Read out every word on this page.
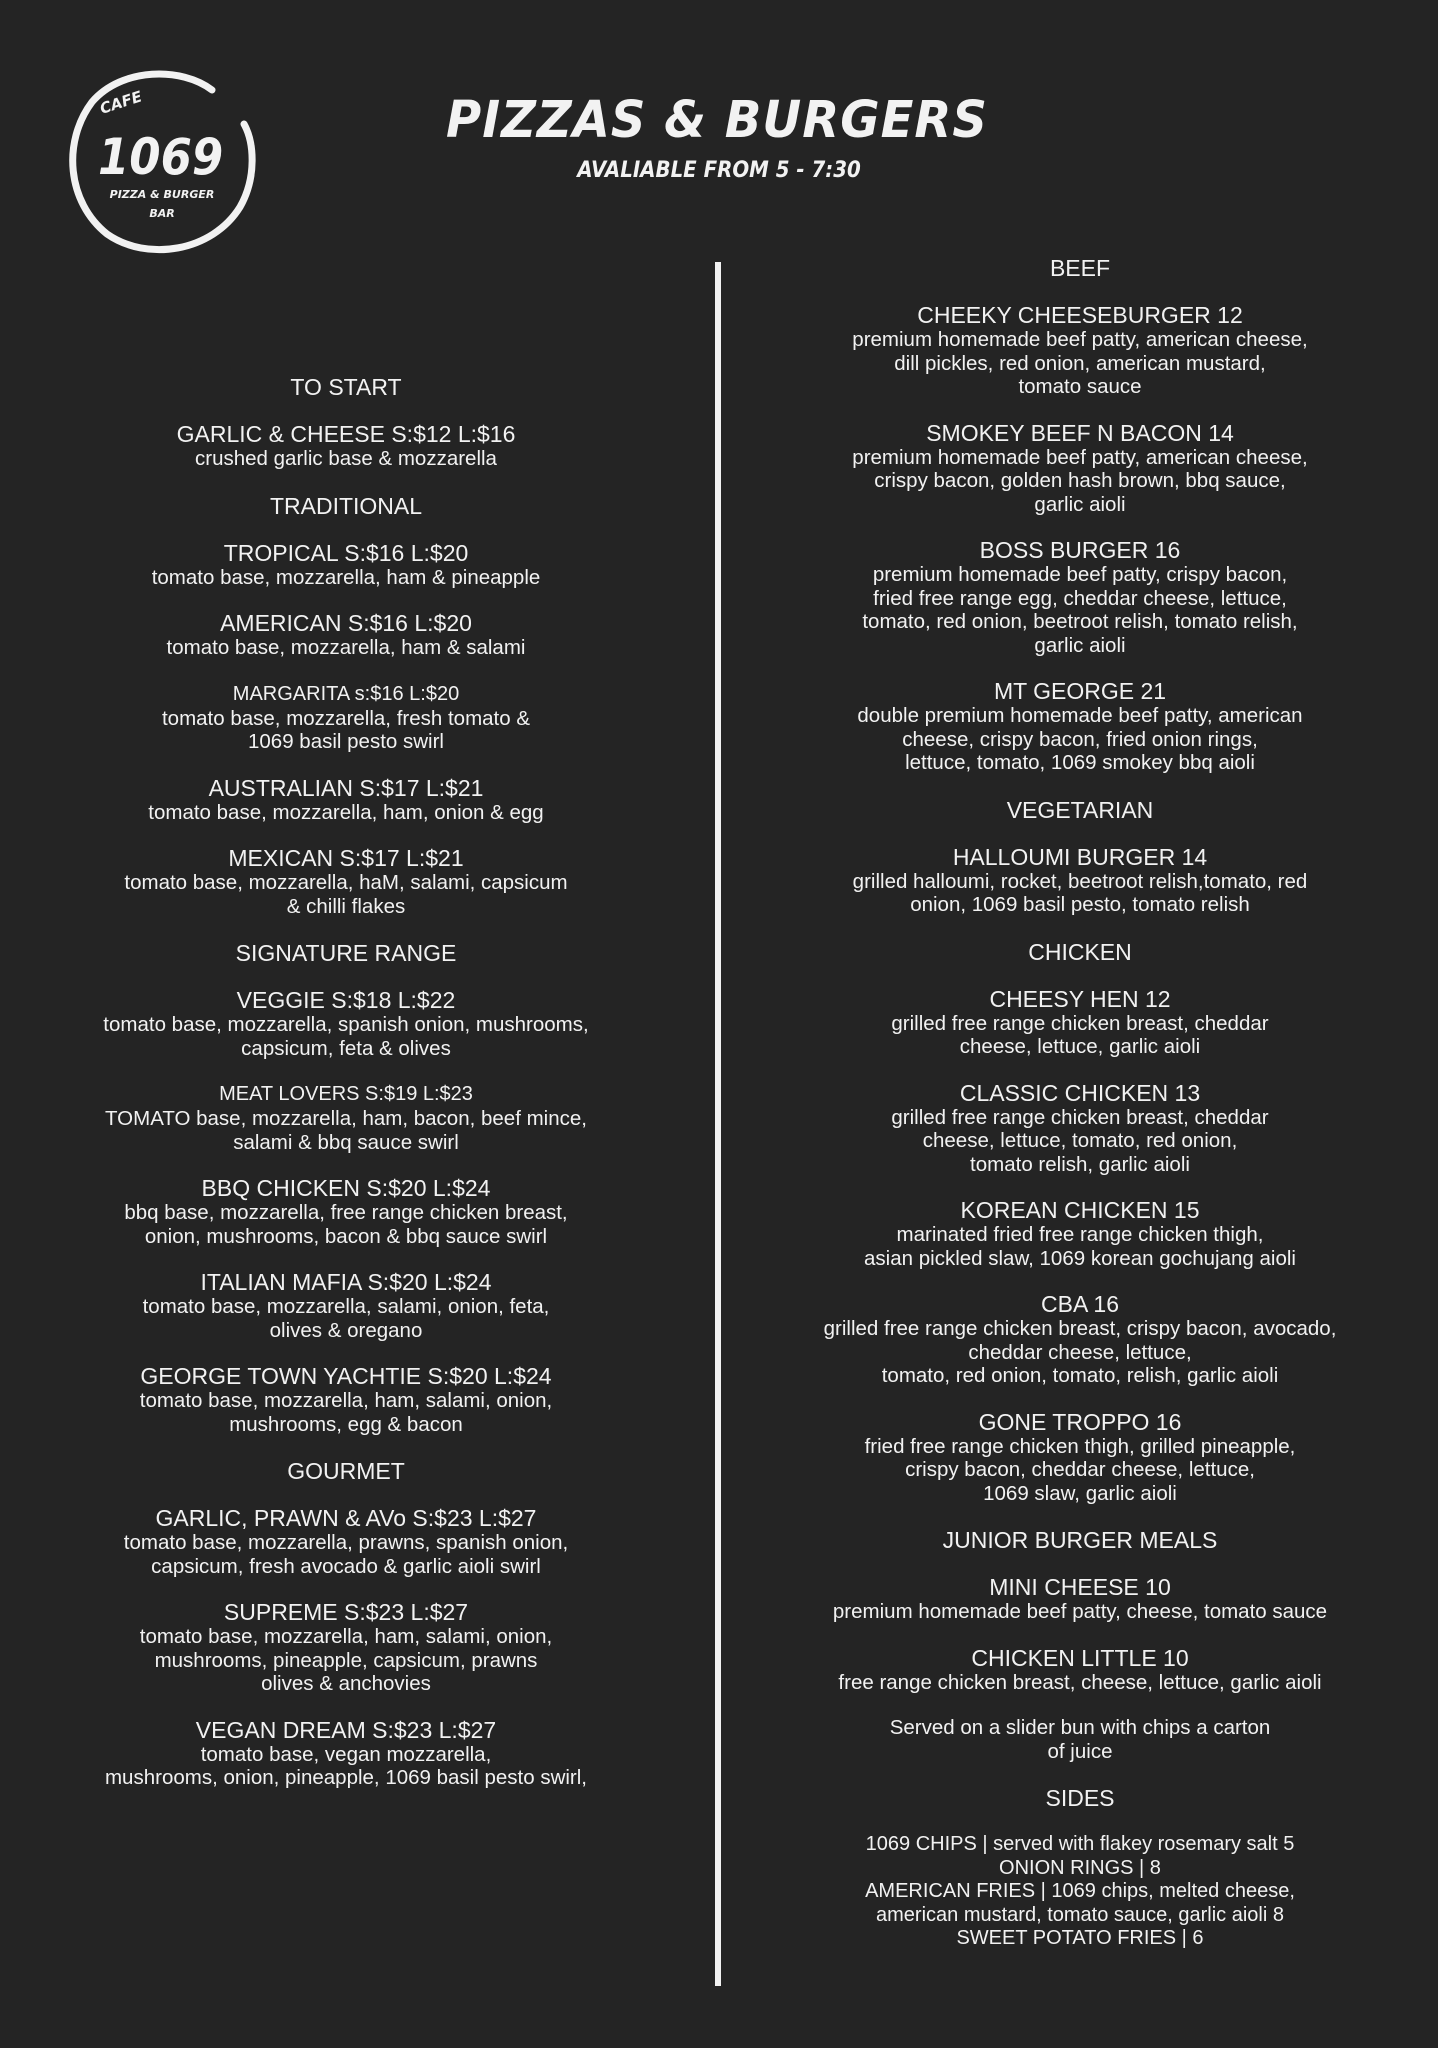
CAFE
1069
PIZZA & BURGER
BAR
PIZZAS & BURGERS
AVALIABLE FROM 5 - 7:30
TO START
GARLIC & CHEESE S:$12 L:$16
crushed garlic base & mozzarella
TRADITIONAL
TROPICAL S:$16 L:$20
tomato base, mozzarella, ham & pineapple
AMERICAN S:$16 L:$20
tomato base, mozzarella, ham & salami
MARGARITA s:$16 L:$20
tomato base, mozzarella, fresh tomato &
1069 basil pesto swirl
AUSTRALIAN S:$17 L:$21
tomato base, mozzarella, ham, onion & egg
MEXICAN S:$17 L:$21
tomato base, mozzarella, haM, salami, capsicum
& chilli flakes
SIGNATURE RANGE
VEGGIE S:$18 L:$22
tomato base, mozzarella, spanish onion, mushrooms,
capsicum, feta & olives
MEAT LOVERS S:$19 L:$23
TOMATO base, mozzarella, ham, bacon, beef mince,
salami & bbq sauce swirl
BBQ CHICKEN S:$20 L:$24
bbq base, mozzarella, free range chicken breast,
onion, mushrooms, bacon & bbq sauce swirl
ITALIAN MAFIA S:$20 L:$24
tomato base, mozzarella, salami, onion, feta,
olives & oregano
GEORGE TOWN YACHTIE S:$20 L:$24
tomato base, mozzarella, ham, salami, onion,
mushrooms, egg & bacon
GOURMET
GARLIC, PRAWN & AVo S:$23 L:$27
tomato base, mozzarella, prawns, spanish onion,
capsicum, fresh avocado & garlic aioli swirl
SUPREME S:$23 L:$27
tomato base, mozzarella, ham, salami, onion,
mushrooms, pineapple, capsicum, prawns
olives & anchovies
VEGAN DREAM S:$23 L:$27
tomato base, vegan mozzarella,
mushrooms, onion, pineapple, 1069 basil pesto swirl,
BEEF
CHEEKY CHEESEBURGER 12
premium homemade beef patty, american cheese,
dill pickles, red onion, american mustard,
tomato sauce
SMOKEY BEEF N BACON 14
premium homemade beef patty, american cheese,
crispy bacon, golden hash brown, bbq sauce,
garlic aioli
BOSS BURGER 16
premium homemade beef patty, crispy bacon,
fried free range egg, cheddar cheese, lettuce,
tomato, red onion, beetroot relish, tomato relish,
garlic aioli
MT GEORGE 21
double premium homemade beef patty, american
cheese, crispy bacon, fried onion rings,
lettuce, tomato, 1069 smokey bbq aioli
VEGETARIAN
HALLOUMI BURGER 14
grilled halloumi, rocket, beetroot relish,tomato, red
onion, 1069 basil pesto, tomato relish
CHICKEN
CHEESY HEN 12
grilled free range chicken breast, cheddar
cheese, lettuce, garlic aioli
CLASSIC CHICKEN 13
grilled free range chicken breast, cheddar
cheese, lettuce, tomato, red onion,
tomato relish, garlic aioli
KOREAN CHICKEN 15
marinated fried free range chicken thigh,
asian pickled slaw, 1069 korean gochujang aioli
CBA 16
grilled free range chicken breast, crispy bacon, avocado,
cheddar cheese, lettuce,
tomato, red onion, tomato, relish, garlic aioli
GONE TROPPO 16
fried free range chicken thigh, grilled pineapple,
crispy bacon, cheddar cheese, lettuce,
1069 slaw, garlic aioli
JUNIOR BURGER MEALS
MINI CHEESE 10
premium homemade beef patty, cheese, tomato sauce
CHICKEN LITTLE 10
free range chicken breast, cheese, lettuce, garlic aioli
Served on a slider bun with chips a carton
of juice
SIDES
1069 CHIPS | served with flakey rosemary salt 5
ONION RINGS | 8
AMERICAN FRIES | 1069 chips, melted cheese,
american mustard, tomato sauce, garlic aioli 8
SWEET POTATO FRIES | 6
